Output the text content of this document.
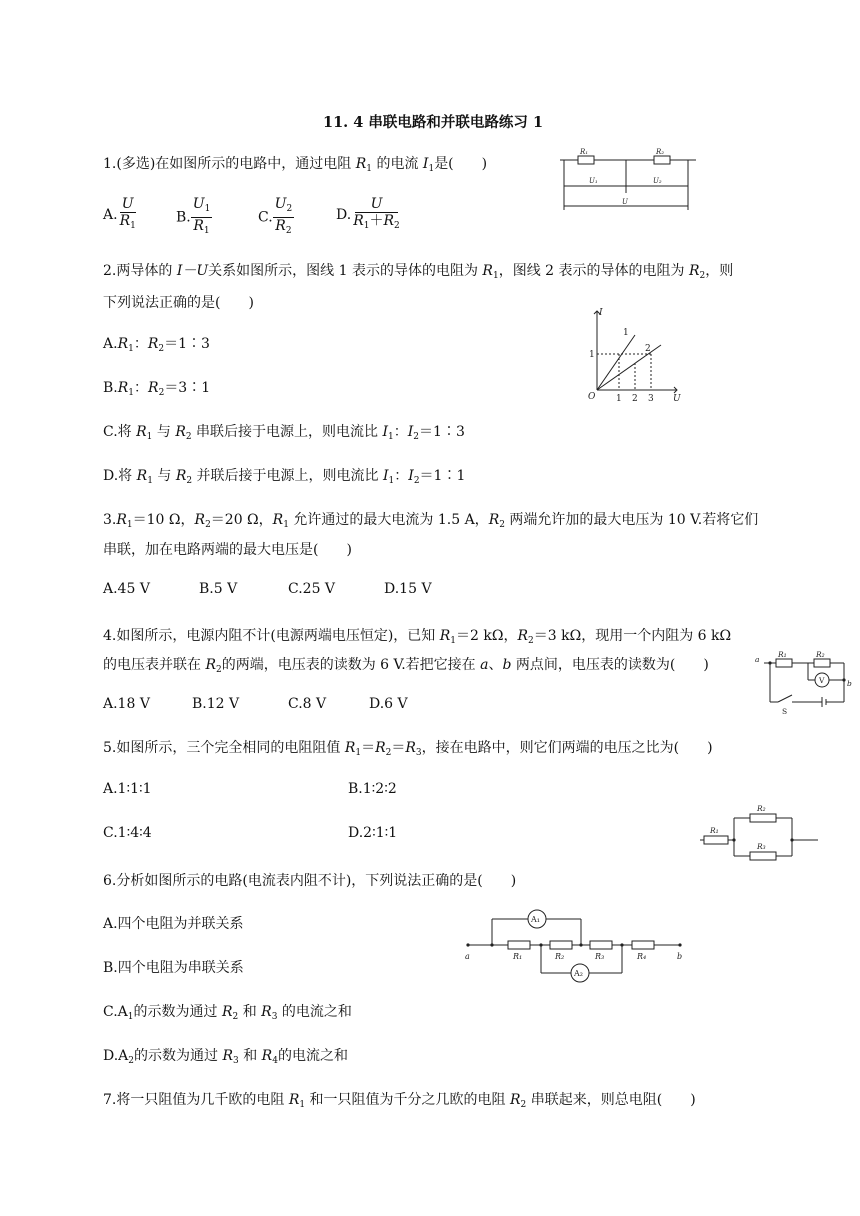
11. 4 串联电路和并联电路练习 1
1.(多选)在如图所示的电路中，通过电阻 $R_1$ 的电流 $I_1$是(　　)
A. $\frac{U}{R_1}$	B. $\frac{U_1}{R_1}$	C. $\frac{U_2}{R_2}$	D. $\frac{U}{R_1+R_2}$
R₁	R₂
U₁	U₂
U
2.两导体的 I－U关系如图所示，图线 1 表示的导体的电阻为 $R_1$，图线 2 表示的导体的电阻为 $R_2$，则
下列说法正确的是(　　)
$A.R_1$：$R_2=1∶3$
$B.R_1$：$R_2=3∶1$
C.将 $R_1$ 与 $R_2$ 串联后接于电源上，则电流比 $I_1$：$I_2=1∶3$
D.将 $R_1$ 与 $R_2$ 并联后接于电源上，则电流比 $I_1$：$I_2=1∶1$
I
U
O
1
1 2 3
1
2
$3.R_1=10$ Ω，$R_2=20$ Ω，$R_1$ 允许通过的最大电流为 1.5 A，$R_2$ 两端允许加的最大电压为 10 V.若将它们
串联，加在电路两端的最大电压是(　　)
A.45 V	B.5 V	C.25 V	D.15 V
4.如图所示，电源内阻不计(电源两端电压恒定)，已知 $R_1=2$ kΩ，$R_2=3$ kΩ，现用一个内阻为 6 kΩ
的电压表并联在 $R_2$的两端，电压表的读数为 6 V.若把它接在 a、b 两点间，电压表的读数为(　　)
A.18 V	B.12 V	C.8 V	D.6 V
a
b
R₁	R₂
V
S
5.如图所示，三个完全相同的电阻阻值 $R_1=R_2=R_3$，接在电路中，则它们两端的电压之比为(　　)
A.1∶1∶1	B.1∶2∶2
C.1∶4∶4	D.2∶1∶1	R₁
R₂
R₃
6.分析如图所示的电路(电流表内阻不计)，下列说法正确的是(　　)
A.四个电阻为并联关系
B.四个电阻为串联关系
$C.A_1$的示数为通过 $R_2$ 和 $R_3$ 的电流之和
$D.A_2$的示数为通过 $R_3$ 和 $R_4$的电流之和
a	b
R₁	R₂	R₃	R₄
A₁
A₂
7.将一只阻值为几千欧的电阻 $R_1$ 和一只阻值为千分之几欧的电阻 $R_2$ 串联起来，则总电阻(　　)
